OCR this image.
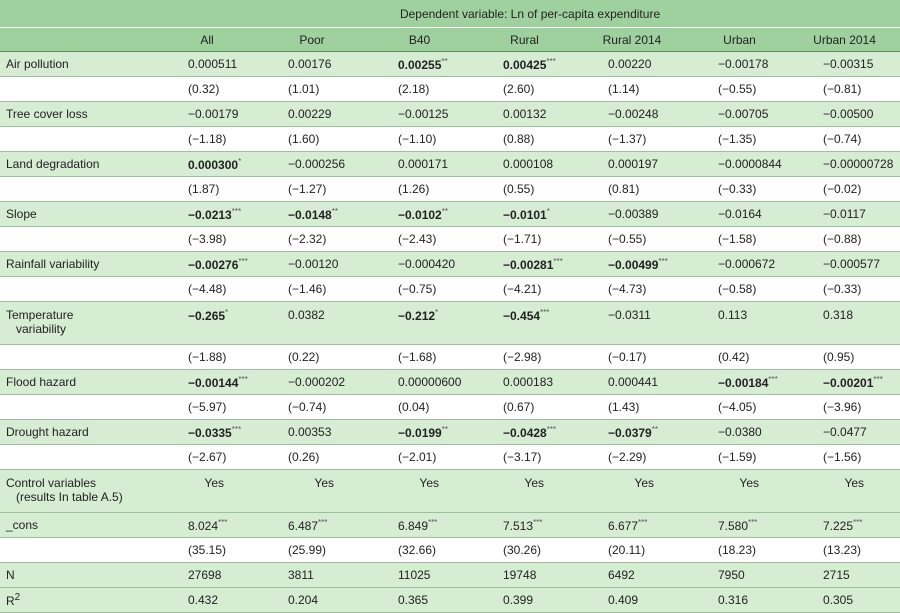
	Dependent variable: Ln of per-capita expenditure						
	All	Poor	B40	Rural	Rural 2014	Urban	Urban 2014
Air pollution	0.000511	0.00176	0.00255**	0.00425***	0.00220	−0.00178	−0.00315
	(0.32)	(1.01)	(2.18)	(2.60)	(1.14)	(−0.55)	(−0.81)
Tree cover loss	−0.00179	0.00229	−0.00125	0.00132	−0.00248	−0.00705	−0.00500
	(−1.18)	(1.60)	(−1.10)	(0.88)	(−1.37)	(−1.35)	(−0.74)
Land degradation	0.000300*	−0.000256	0.000171	0.000108	0.000197	−0.0000844	−0.00000728
	(1.87)	(−1.27)	(1.26)	(0.55)	(0.81)	(−0.33)	(−0.02)
Slope	−0.0213***	−0.0148**	−0.0102**	−0.0101*	−0.00389	−0.0164	−0.0117
	(−3.98)	(−2.32)	(−2.43)	(−1.71)	(−0.55)	(−1.58)	(−0.88)
Rainfall variability	−0.00276***	−0.00120	−0.000420	−0.00281***	−0.00499***	−0.000672	−0.000577
	(−4.48)	(−1.46)	(−0.75)	(−4.21)	(−4.73)	(−0.58)	(−0.33)
Temperature
variability	−0.265*	0.0382	−0.212*	−0.454***	−0.0311	0.113	0.318
	(−1.88)	(0.22)	(−1.68)	(−2.98)	(−0.17)	(0.42)	(0.95)
Flood hazard	−0.00144***	−0.000202	0.00000600	0.000183	0.000441	−0.00184***	−0.00201***
	(−5.97)	(−0.74)	(0.04)	(0.67)	(1.43)	(−4.05)	(−3.96)
Drought hazard	−0.0335***	0.00353	−0.0199**	−0.0428***	−0.0379**	−0.0380	−0.0477
	(−2.67)	(0.26)	(−2.01)	(−3.17)	(−2.29)	(−1.59)	(−1.56)
Control variables
(results In table A.5)	Yes	Yes	Yes	Yes	Yes	Yes	Yes
_cons	8.024***	6.487***	6.849***	7.513***	6.677***	7.580***	7.225***
	(35.15)	(25.99)	(32.66)	(30.26)	(20.11)	(18.23)	(13.23)
N	27698	3811	11025	19748	6492	7950	2715
$R^2$	0.432	0.204	0.365	0.399	0.409	0.316	0.305
